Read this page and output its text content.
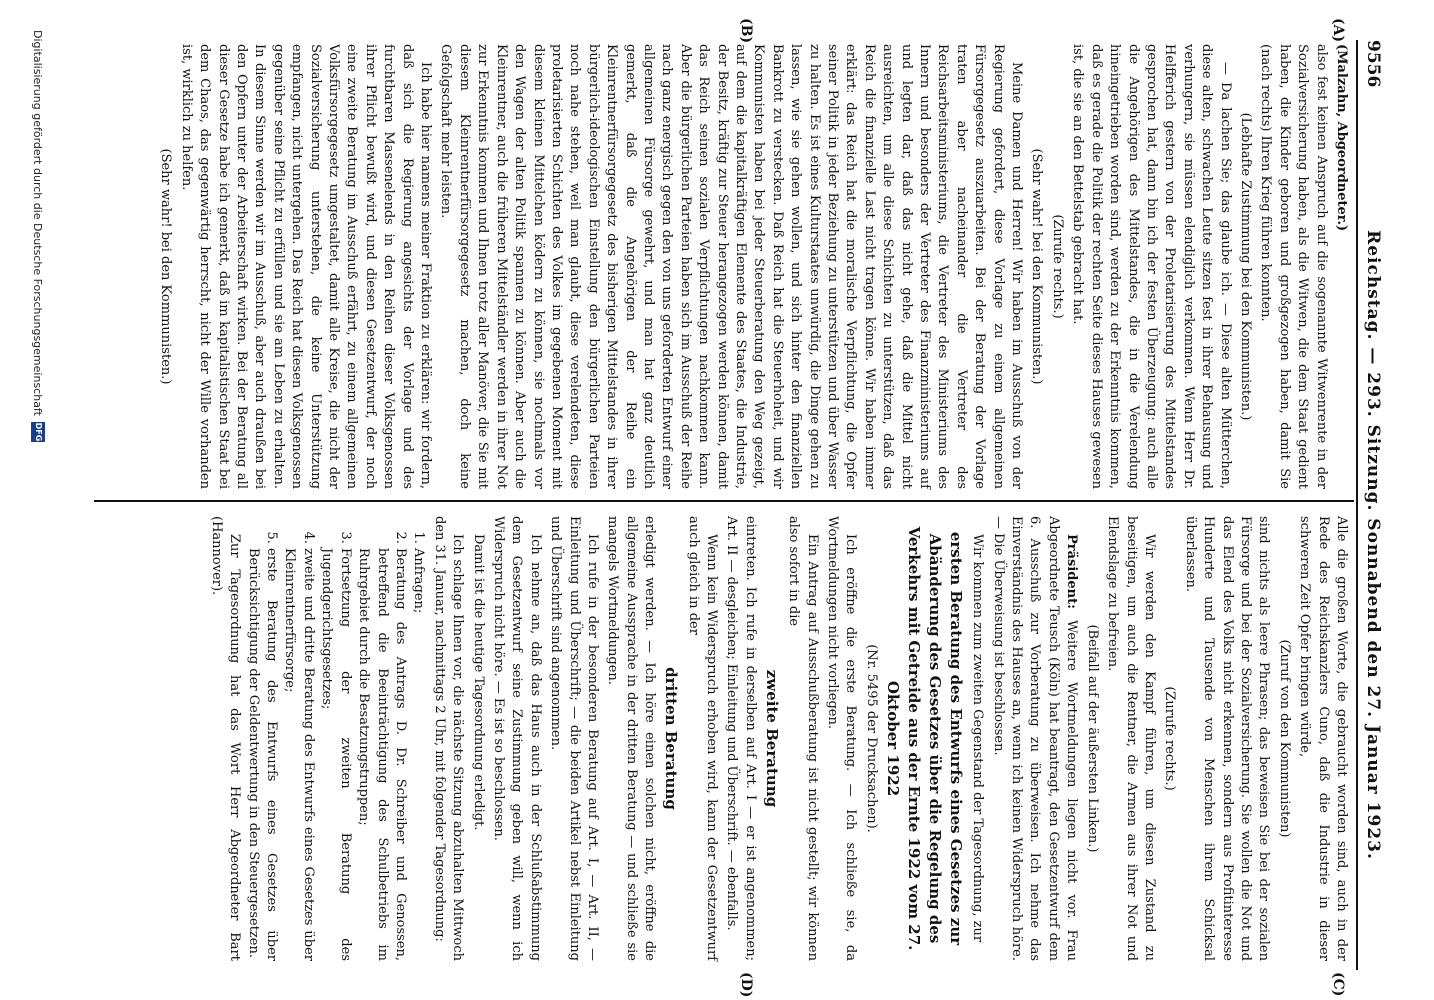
9556
Reichstag. — 293. Sitzung. Sonnabend den 27. Januar 1923.
(A)
(B)
(C)
(D)

(Malzahn, Abgeordneter.)

also fest keinen Anspruch auf die sogenannte Witwenrente in der Sozialversicherung haben, als die Witwen, die dem Staat gedient haben, die Kinder geboren und großgezogen haben, damit Sie (nach rechts) Ihren Krieg führen konnten.

(Lebhafte Zustimmung bei den Kommunisten.)

— Da lachen Sie; das glaube ich. — Diese alten Mütterchen, diese alten, schwachen Leute sitzen fest in ihrer Behausung und verhungern, sie müssen elendiglich verkommen. Wenn Herr Dr. Helfferich gestern von der Proletarisierung des Mittelstandes gesprochen hat, dann bin ich der festen Überzeugung: auch alle die Angehörigen des Mittelstandes, die in die Verelendung hineingetrieben worden sind, werden zu der Erkenntnis kommen, daß es gerade die Politik der rechten Seite dieses Hauses gewesen ist, die sie an den Bettelstab gebracht hat.

(Zurufe rechts.)

(Sehr wahr! bei den Kommunisten.)

Meine Damen und Herren! Wir haben im Ausschuß von der Regierung gefordert, diese Vorlage zu einem allgemeinen Fürsorgegesetz auszuarbeiten. Bei der Beratung der Vorlage traten aber nacheinander die Vertreter des Reichsarbeitsministeriums, die Vertreter des Ministeriums des Innern und besonders der Vertreter des Finanzministeriums auf und legten dar, daß das nicht gehe, daß die Mittel nicht ausreichten, um alle diese Schichten zu unterstützen, daß das Reich die finanzielle Last nicht tragen könne. Wir haben immer erklärt: das Reich hat die moralische Verpflichtung, die Opfer seiner Politik in jeder Beziehung zu unterstützen und über Wasser zu halten. Es ist eines Kulturstaates unwürdig, die Dinge gehen zu lassen, wie sie gehen wollen, und sich hinter den finanziellen Bankrott zu verstecken. Daß Reich hat die Steuerhoheit, und wir Kommunisten haben bei jeder Steuerberatung den Weg gezeigt, auf dem die kapitalkräftigen Elemente des Staates, die Industrie, der Besitz, kräftig zur Steuer herangezogen werden können, damit das Reich seinen sozialen Verpflichtungen nachkommen kann. Aber die bürgerlichen Parteien haben sich im Ausschuß der Reihe nach ganz energisch gegen den von uns geforderten Entwurf einer allgemeinen Fürsorge gewehrt, und man hat ganz deutlich gemerkt, daß die Angehörigen der Reihe ein Kleinrentnerfürsorgegesetz des bisherigen Mittelstandes in ihrer bürgerlich-ideologischen Einstellung den bürgerlichen Parteien noch nahe stehen, weil man glaubt, diese verelendeten, diese proletarisierten Schichten des Volkes im gegebenen Moment mit diesem kleinen Mittelchen ködern zu können, sie nochmals vor den Wagen der alten Politik spannen zu können. Aber auch die Kleinrentner, auch die früheren Mittelständler werden in ihrer Not zur Erkenntnis kommen und Ihnen trotz aller Manöver, die Sie mit diesem Kleinrentnerfürsorgegesetz machen, doch keine Gefolgschaft mehr leisten.

Ich habe hier namens meiner Fraktion zu erklären: wir fordern, daß sich die Regierung angesichts der Vorlage und des furchtbaren Massenelends in den Reihen dieser Volksgenossen ihrer Pflicht bewußt wird, und diesen Gesetzentwurf, der noch eine zweite Beratung im Ausschuß erfährt, zu einem allgemeinen Volksfürsorgegesetz umgestaltet, damit alle Kreise, die nicht der Sozialversicherung unterstehen, die keine Unterstützung empfangen, nicht untergehen. Das Reich hat diesen Volksgenossen gegenüber seine Pflicht zu erfüllen und sie am Leben zu erhalten. In diesem Sinne werden wir im Ausschuß, aber auch draußen bei den Opfern unter der Arbeiterschaft wirken. Bei der Beratung all dieser Gesetze habe ich gemerkt, daß im kapitalistischen Staat bei dem Chaos, das gegenwärtig herrscht, nicht der Wille vorhanden ist, wirklich zu helfen.

(Sehr wahr! bei den Kommunisten.)

Alle die großen Worte, die gebraucht worden sind, auch in der Rede des Reichskanzlers Cuno, daß die Industrie in dieser schweren Zeit Opfer bringen würde,

(Zuruf von den Kommunisten)

sind nichts als leere Phrasen; das beweisen Sie bei der sozialen Fürsorge und bei der Sozialversicherung. Sie wollen die Not und das Elend des Volks nicht erkennen, sondern aus Profitinteresse Hunderte und Tausende von Menschen ihrem Schicksal überlassen.

(Zurufe rechts.)

Wir werden den Kampf führen, um diesen Zustand zu beseitigen, um auch die Rentner, die Armen aus ihrer Not und Elendslage zu befreien.

(Beifall auf der äußersten Linken.)

Präsident: Weitere Wortmeldungen liegen nicht vor. Frau Abgeordnete Teusch (Köln) hat beantragt, den Gesetzentwurf dem 6. Ausschuß zur Vorberatung zu überweisen. Ich nehme das Einverständnis des Hauses an, wenn ich keinen Widerspruch höre. — Die Überweisung ist beschlossen.

Wir kommen zum zweiten Gegenstand der Tagesordnung, zur

ersten Beratung des Entwurfs eines Gesetzes zur Abänderung des Gesetzes über die Regelung des Verkehrs mit Getreide aus der Ernte 1922 vom 27. Oktober 1922

(Nr. 5495 der Drucksachen).

Ich eröffne die erste Beratung. — Ich schließe sie, da Wortmeldungen nicht vorliegen.

Ein Antrag auf Ausschußberatung ist nicht gestellt; wir können also sofort in die

zweite Beratung

eintreten. Ich rufe in derselben auf Art. I — er ist angenommen; Art. II — desgleichen; Einleitung und Überschrift. — ebenfalls.

Wenn kein Widerspruch erhoben wird, kann der Gesetzentwurf auch gleich in der

dritten Beratung

erledigt werden. — Ich höre einen solchen nicht, eröffne die allgemeine Aussprache in der dritten Beratung — und schließe sie mangels Wortmeldungen.

Ich rufe in der besonderen Beratung auf Art. I, — Art. II, — Einleitung und Überschrift; — die beiden Artikel nebst Einleitung und Überschrift sind angenommen.

Ich nehme an, daß das Haus auch in der Schlußabstimmung dem Gesetzentwurf seine Zustimmung geben will, wenn ich Widerspruch nicht höre. — Es ist so beschlossen.

Damit ist die heutige Tagesordnung erledigt.

Ich schlage Ihnen vor, die nächste Sitzung abzuhalten Mittwoch den 31. Januar, nachmittags 2 Uhr, mit folgender Tagesordnung:

1. Anfragen;
2. Beratung des Antrags D. Dr. Schreiber und Genossen, betreffend die Beeinträchtigung des Schulbetriebs im Ruhrgebiet durch die Besatzungstruppen;
3. Fortsetzung der zweiten Beratung des Jugendgerichtsgesetzes;
4. zweite und dritte Beratung des Entwurfs eines Gesetzes über Kleinrentnerfürsorge;
5. erste Beratung des Entwurfs eines Gesetzes über Berücksichtigung der Geldentwertung in den Steuergesetzen.

Zur Tagesordnung hat das Wort Herr Abgeordneter Bart (Hannover).

Digitalisierung gefördert durch die Deutsche Forschungsgemeinschaft
DFG
